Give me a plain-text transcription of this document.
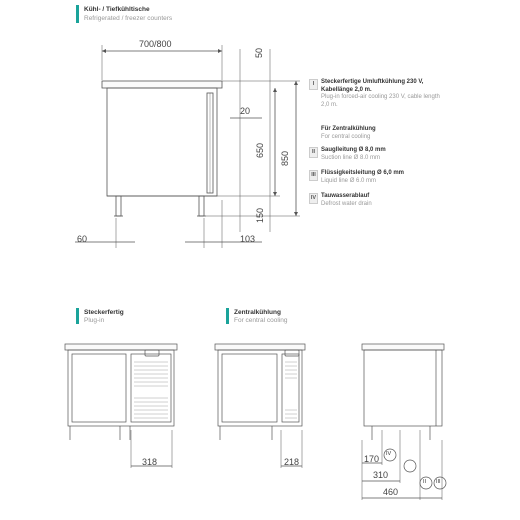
Kühl- / Tiefkühltische
Refrigerated / freezer counters
700/800
50
20
650
850
150
60	103
I	Steckerfertige Umluftkühlung 230 V, Kabellänge 2,0 m.
Plug-in forced-air cooling 230 V, cable length 2,0 m.
Für Zentralkühlung
For central cooling
II Sauglleitung Ø 8,0 mm
Suction line Ø 8.0 mm
III Flüssigkeitsleitung Ø 6,0 mm
Liquid line Ø 6.0 mm
IV Tauwasserablauf
Defrost water drain
Steckerfertig
Plug-in
Zentralkühlung
For central cooling
318	218	170
310
460
IV
II III
